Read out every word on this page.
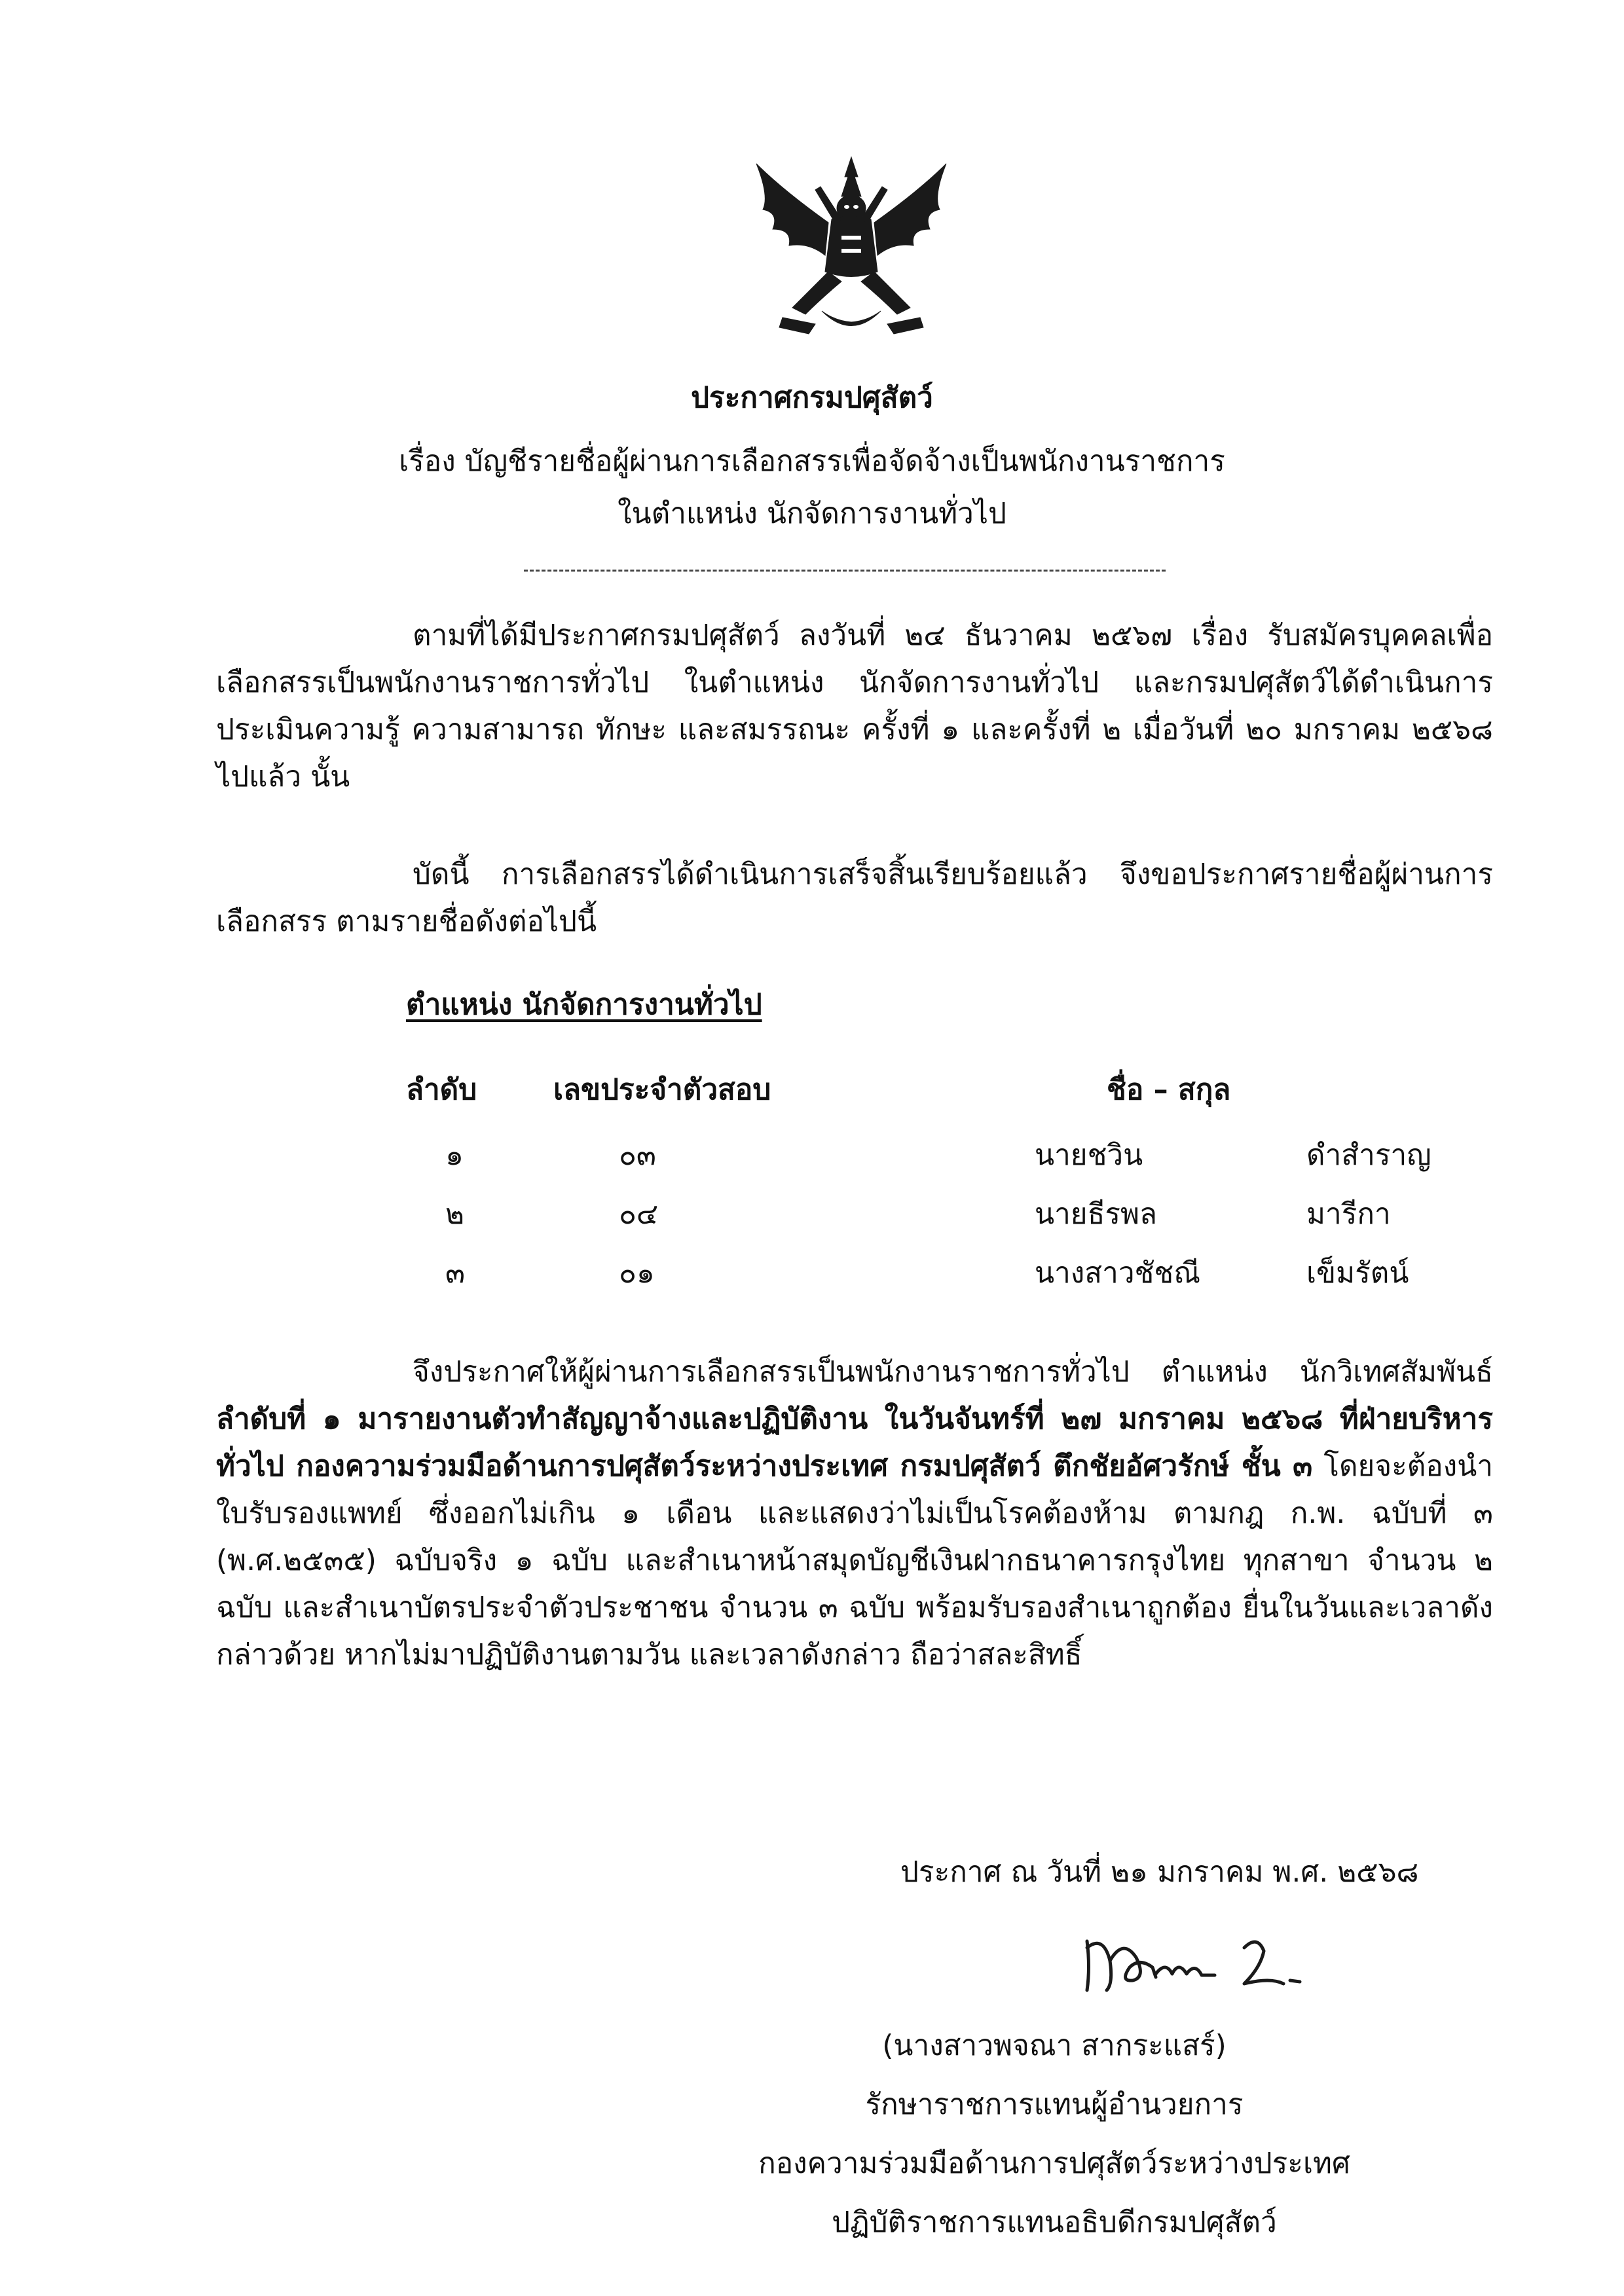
ประกาศกรมปศุสัตว์
เรื่อง บัญชีรายชื่อผู้ผ่านการเลือกสรรเพื่อจัดจ้างเป็นพนักงานราชการ
ในตำแหน่ง นักจัดการงานทั่วไป
ตามที่ได้มีประกาศกรมปศุสัตว์ ลงวันที่ ๒๔ ธันวาคม ๒๕๖๗ เรื่อง รับสมัครบุคคลเพื่อเลือกสรรเป็นพนักงานราชการทั่วไป ในตำแหน่ง นักจัดการงานทั่วไป และกรมปศุสัตว์ได้ดำเนินการประเมินความรู้ ความสามารถ ทักษะ และสมรรถนะ ครั้งที่ ๑ และครั้งที่ ๒ เมื่อวันที่ ๒๐ มกราคม ๒๕๖๘ ไปแล้ว นั้น
บัดนี้ การเลือกสรรได้ดำเนินการเสร็จสิ้นเรียบร้อยแล้ว จึงขอประกาศรายชื่อผู้ผ่านการเลือกสรร ตามรายชื่อดังต่อไปนี้
ตำแหน่ง นักจัดการงานทั่วไป
ลำดับ	เลขประจำตัวสอบ	ชื่อ – สกุล
๑	๐๓	นายชวิน	ดำสำราญ
๒	๐๔	นายธีรพล	มารีกา
๓	๐๑	นางสาวชัชณี	เข็มรัตน์
จึงประกาศให้ผู้ผ่านการเลือกสรรเป็นพนักงานราชการทั่วไป ตำแหน่ง นักวิเทศสัมพันธ์ ลำดับที่ ๑ มารายงานตัวทำสัญญาจ้างและปฏิบัติงาน ในวันจันทร์ที่ ๒๗ มกราคม ๒๕๖๘ ที่ฝ่ายบริหารทั่วไป กองความร่วมมือด้านการปศุสัตว์ระหว่างประเทศ กรมปศุสัตว์ ตึกชัยอัศวรักษ์ ชั้น ๓ โดยจะต้องนำใบรับรองแพทย์ ซึ่งออกไม่เกิน ๑ เดือน และแสดงว่าไม่เป็นโรคต้องห้าม ตามกฎ ก.พ. ฉบับที่ ๓ (พ.ศ.๒๕๓๕) ฉบับจริง ๑ ฉบับ และสำเนาหน้าสมุดบัญชีเงินฝากธนาคารกรุงไทย ทุกสาขา จำนวน ๒ ฉบับ และสำเนาบัตรประจำตัวประชาชน จำนวน ๓ ฉบับ พร้อมรับรองสำเนาถูกต้อง ยื่นในวันและเวลาดังกล่าวด้วย หากไม่มาปฏิบัติงานตามวัน และเวลาดังกล่าว ถือว่าสละสิทธิ์
ประกาศ ณ วันที่ ๒๑ มกราคม พ.ศ. ๒๕๖๘
(นางสาวพจณา สากระแสร์)
รักษาราชการแทนผู้อำนวยการ
กองความร่วมมือด้านการปศุสัตว์ระหว่างประเทศ
ปฏิบัติราชการแทนอธิบดีกรมปศุสัตว์
